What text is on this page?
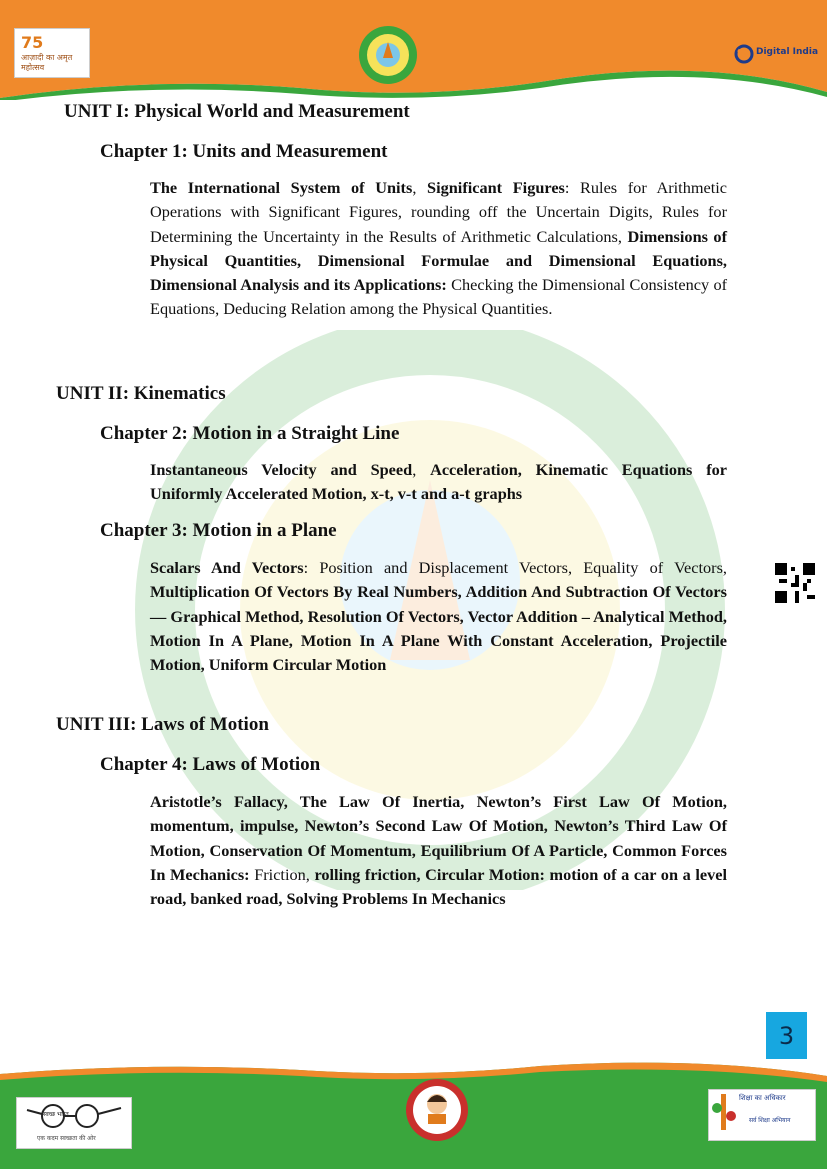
75
आज़ादी का अमृत महोत्सव
Digital India
UNIT I: Physical World and Measurement
Chapter 1: Units and Measurement
The International System of Units, Significant Figures: Rules for Arithmetic Operations with Significant Figures, rounding off the Uncertain Digits, Rules for Determining the Uncertainty in the Results of Arithmetic Calculations, Dimensions of Physical Quantities, Dimensional Formulae and Dimensional Equations, Dimensional Analysis and its Applications: Checking the Dimensional Consistency of Equations, Deducing Relation among the Physical Quantities.
UNIT II: Kinematics
Chapter 2: Motion in a Straight Line
Instantaneous Velocity and Speed, Acceleration, Kinematic Equations for Uniformly Accelerated Motion, x-t, v-t and a-t graphs
Chapter 3: Motion in a Plane
Scalars And Vectors: Position and Displacement Vectors, Equality of Vectors, Multiplication Of Vectors By Real Numbers, Addition And Subtraction Of Vectors — Graphical Method, Resolution Of Vectors, Vector Addition – Analytical Method, Motion In A Plane, Motion In A Plane With Constant Acceleration, Projectile Motion, Uniform Circular Motion
UNIT III: Laws of Motion
Chapter 4: Laws of Motion
Aristotle’s Fallacy, The Law Of Inertia, Newton’s First Law Of Motion, momentum, impulse, Newton’s Second Law Of Motion, Newton’s Third Law Of Motion, Conservation Of Momentum, Equilibrium Of A Particle, Common Forces In Mechanics: Friction, rolling friction, Circular Motion: motion of a car on a level road, banked road, Solving Problems In Mechanics
3
स्वच्छ भारत
एक कदम स्वच्छता की ओर
शिक्षा का अधिकार
सर्व शिक्षा अभियान
